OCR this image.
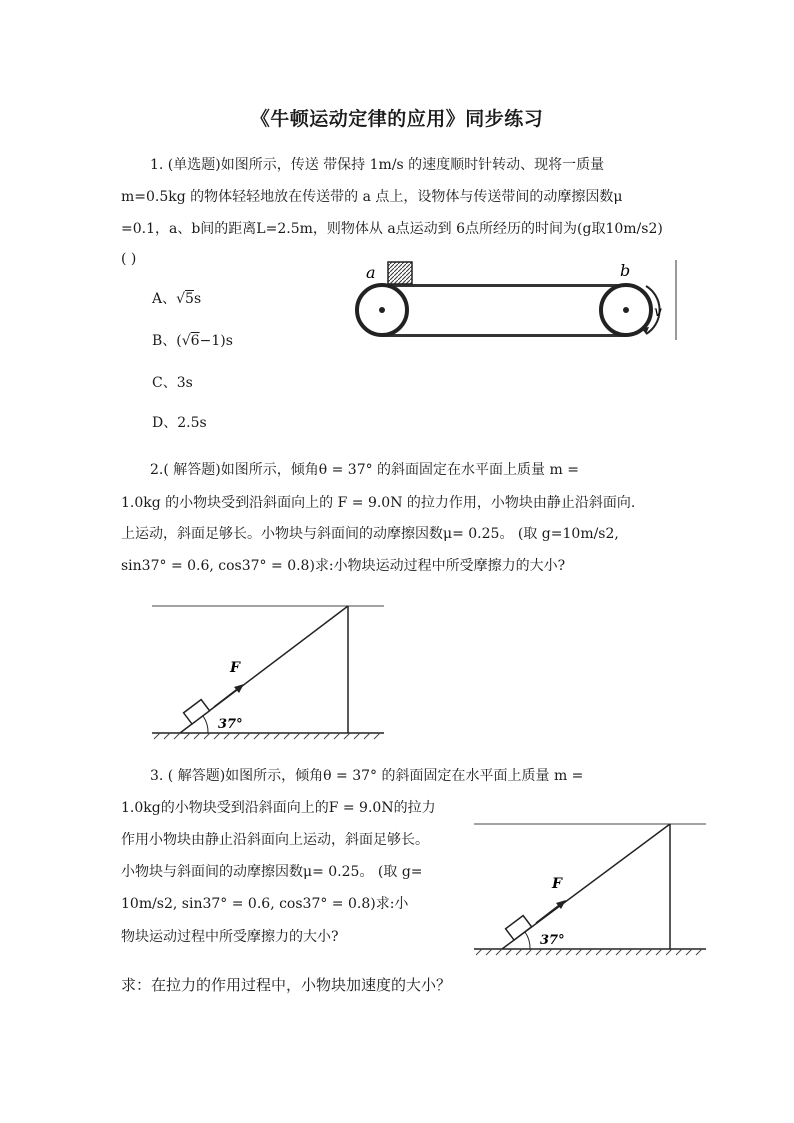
《牛顿运动定律的应用》同步练习
1. (单选题)如图所示，传送 带保持 1m/s 的速度顺时针转动、现将一质量
m=0.5kg 的物体轻轻地放在传送带的 a 点上，设物体与传送带间的动摩擦因数μ
=0.1，a、b间的距离L=2.5m，则物体从 a点运动到 6点所经历的时间为(g取10m/s2)
( )
A、√5s
B、(√6−1)s
C、3s
D、2.5s
a	b
v
2.( 解答题)如图所示，倾角θ = 37° 的斜面固定在水平面上质量 m =
1.0kg 的小物块受到沿斜面向上的 F = 9.0N 的拉力作用，小物块由静止沿斜面向.
上运动，斜面足够长。小物块与斜面间的动摩擦因数μ= 0.25。 (取 g=10m/s2,
sin37° = 0.6, cos37° = 0.8)求:小物块运动过程中所受摩擦力的大小?
F
37°
3. ( 解答题)如图所示，倾角θ = 37° 的斜面固定在水平面上质量 m =
1.0kg的小物块受到沿斜面向上的F = 9.0N的拉力
作用小物块由静止沿斜面向上运动，斜面足够长。
小物块与斜面间的动摩擦因数μ= 0.25。 (取 g=
10m/s2, sin37° = 0.6, cos37° = 0.8)求:小
物块运动过程中所受摩擦力的大小?
F
37°
求：在拉力的作用过程中，小物块加速度的大小？
